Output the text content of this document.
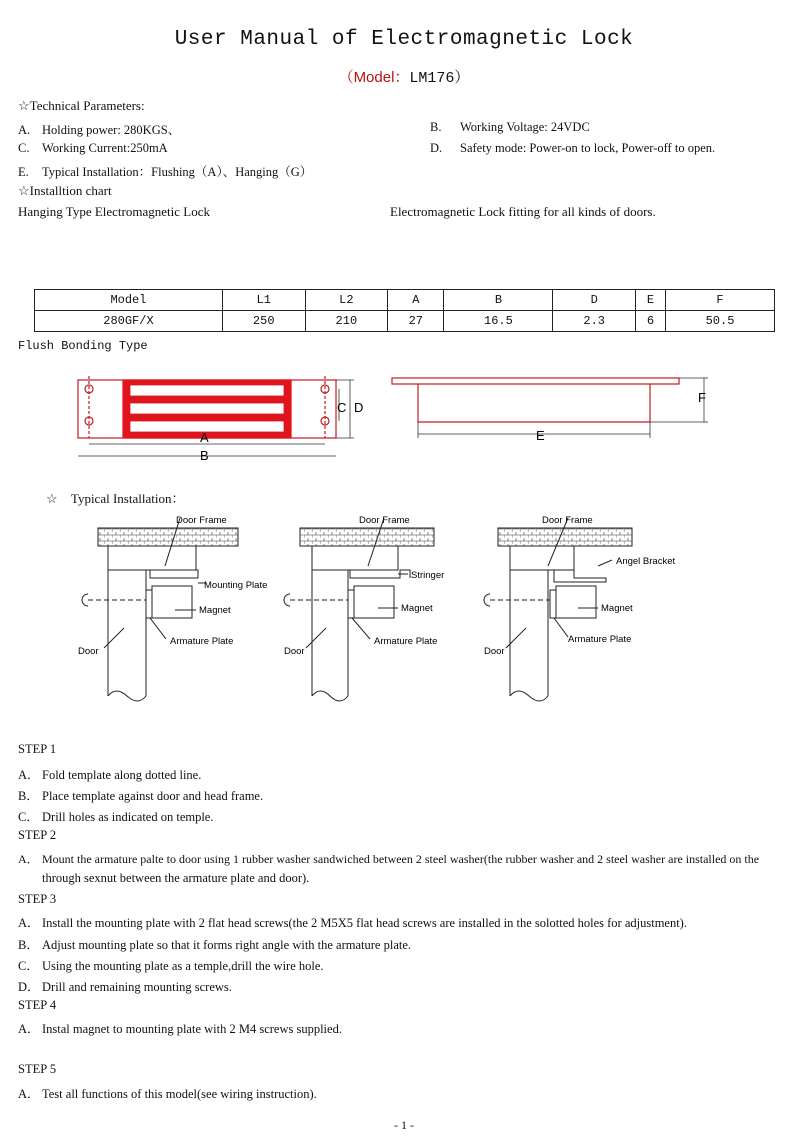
User Manual of Electromagnetic Lock
（Model：LM176）
☆Technical Parameters:
A. Holding power: 280KGS、	B. Working Voltage: 24VDC
C. Working Current:250mA	D. Safety mode: Power-on to lock, Power-off to open.
E. Typical Installation：Flushing（A）、Hanging（G）
☆Installtion chart
Hanging Type Electromagnetic Lock	Electromagnetic Lock fitting for all kinds of doors.
Model	L1	L2	A	B	D	E	F
280GF/X	250	210	27	16.5	2.3	6	50.5
Flush Bonding Type
A
B
C D
E
F
☆ Typical Installation：
Door Frame
Mounting Plate
Magnet
Armature Plate
Door
Door Frame
Stringer
Magnet
Armature Plate
Door
Door Frame
Angel Bracket
Magnet
Armature Plate
Door
STEP 1
A． Fold template along dotted line.
B． Place template against door and head frame.
C． Drill holes as indicated on temple.
STEP 2
A． Mount the armature palte to door using 1 rubber washer sandwiched between 2 steel washer(the rubber washer and 2 steel washer are installed on the
through sexnut between the armature plate and door).
STEP 3
A． Install the mounting plate with 2 flat head screws(the 2 M5X5 flat head screws are installed in the solotted holes for adjustment).
B． Adjust mounting plate so that it forms right angle with the armature plate.
C． Using the mounting plate as a temple,drill the wire hole.
D． Drill and remaining mounting screws.
STEP 4
A． Instal magnet to mounting plate with 2 M4 screws supplied.
STEP 5
A． Test all functions of this model(see wiring instruction).
- 1 -
